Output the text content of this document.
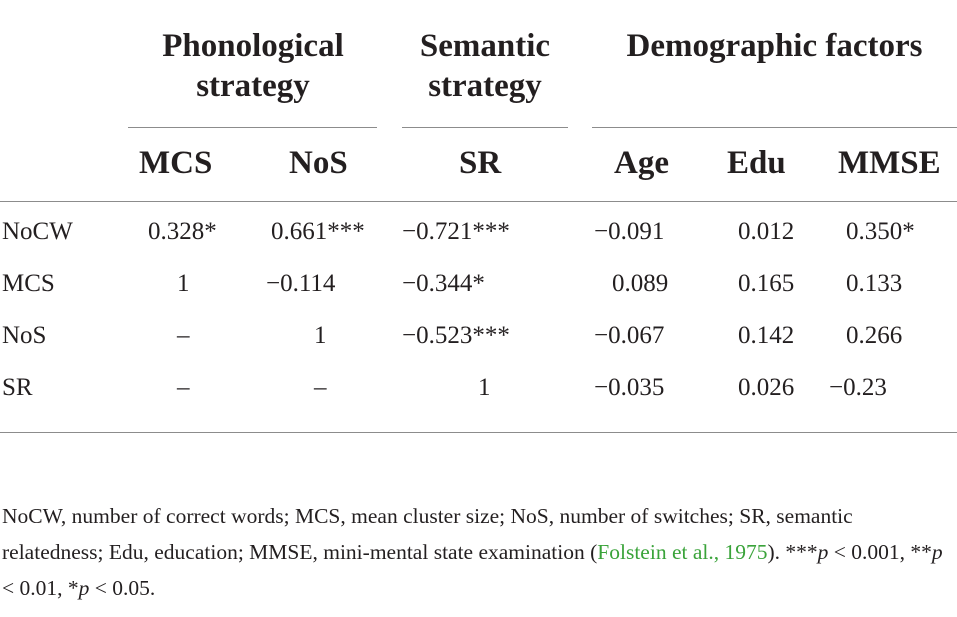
Phonological
strategy
Semantic
strategy
Demographic factors
MCS NoS	SR	Age Edu MMSE
NoCW	0.328* 0.661*** −0.721***	−0.091	0.012 0.350*
MCS	1	−0.114	−0.344*	0.089	0.165 0.133
NoS	–	1	−0.523***	−0.067	0.142 0.266
SR	–	–	1	−0.035	0.026 −0.23
NoCW, number of correct words; MCS, mean cluster size; NoS, number of switches; SR, semantic relatedness; Edu, education; MMSE, mini-mental state examination (Folstein et al., 1975). ***p < 0.001, **p < 0.01, *p < 0.05.
